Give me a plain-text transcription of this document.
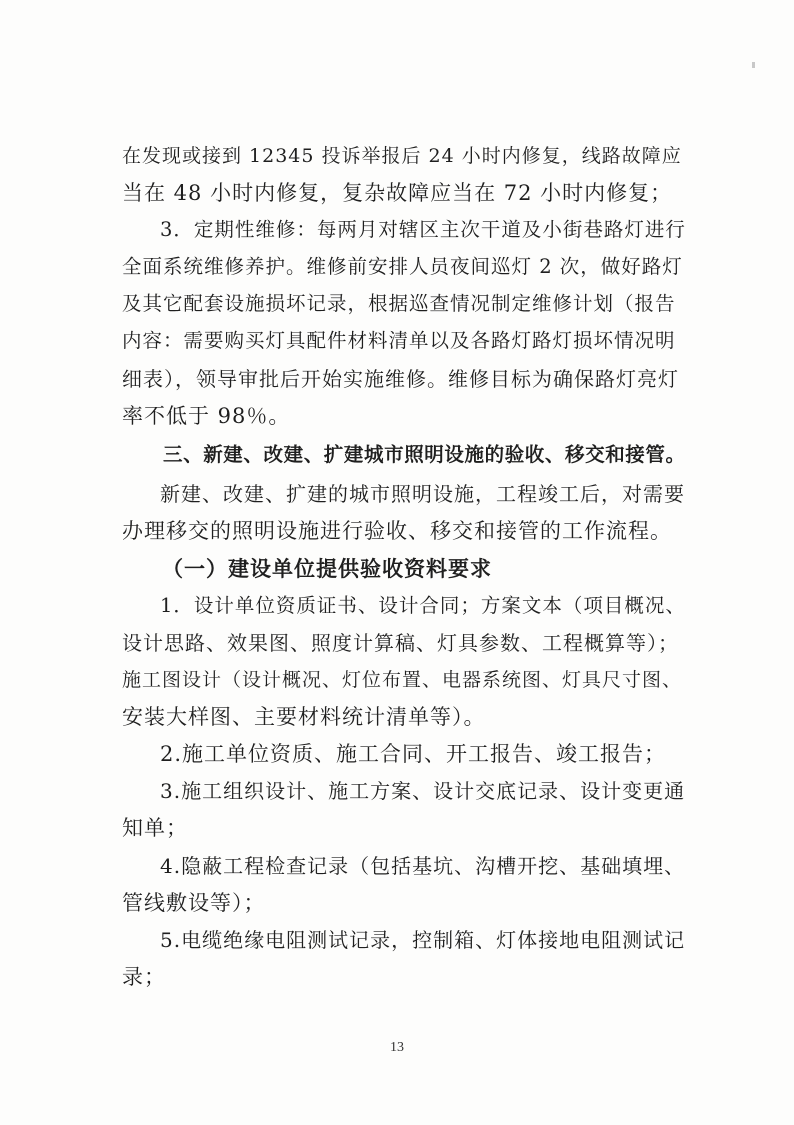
在发现或接到 12345 投诉举报后 24 小时内修复，线路故障应
当在 48 小时内修复，复杂故障应当在 72 小时内修复；
3．定期性维修：每两月对辖区主次干道及小街巷路灯进行
全面系统维修养护。维修前安排人员夜间巡灯 2 次，做好路灯
及其它配套设施损坏记录，根据巡查情况制定维修计划（报告
内容：需要购买灯具配件材料清单以及各路灯路灯损坏情况明
细表），领导审批后开始实施维修。维修目标为确保路灯亮灯
率不低于 98％。
三、新建、改建、扩建城市照明设施的验收、移交和接管。
新建、改建、扩建的城市照明设施，工程竣工后，对需要
办理移交的照明设施进行验收、移交和接管的工作流程。
（一）建设单位提供验收资料要求
1．设计单位资质证书、设计合同；方案文本（项目概况、
设计思路、效果图、照度计算稿、灯具参数、工程概算等）；
施工图设计（设计概况、灯位布置、电器系统图、灯具尺寸图、
安装大样图、主要材料统计清单等）。
2.施工单位资质、施工合同、开工报告、竣工报告；
3.施工组织设计、施工方案、设计交底记录、设计变更通
知单；
4.隐蔽工程检查记录（包括基坑、沟槽开挖、基础填埋、
管线敷设等）；
5.电缆绝缘电阻测试记录，控制箱、灯体接地电阻测试记
录；
13
